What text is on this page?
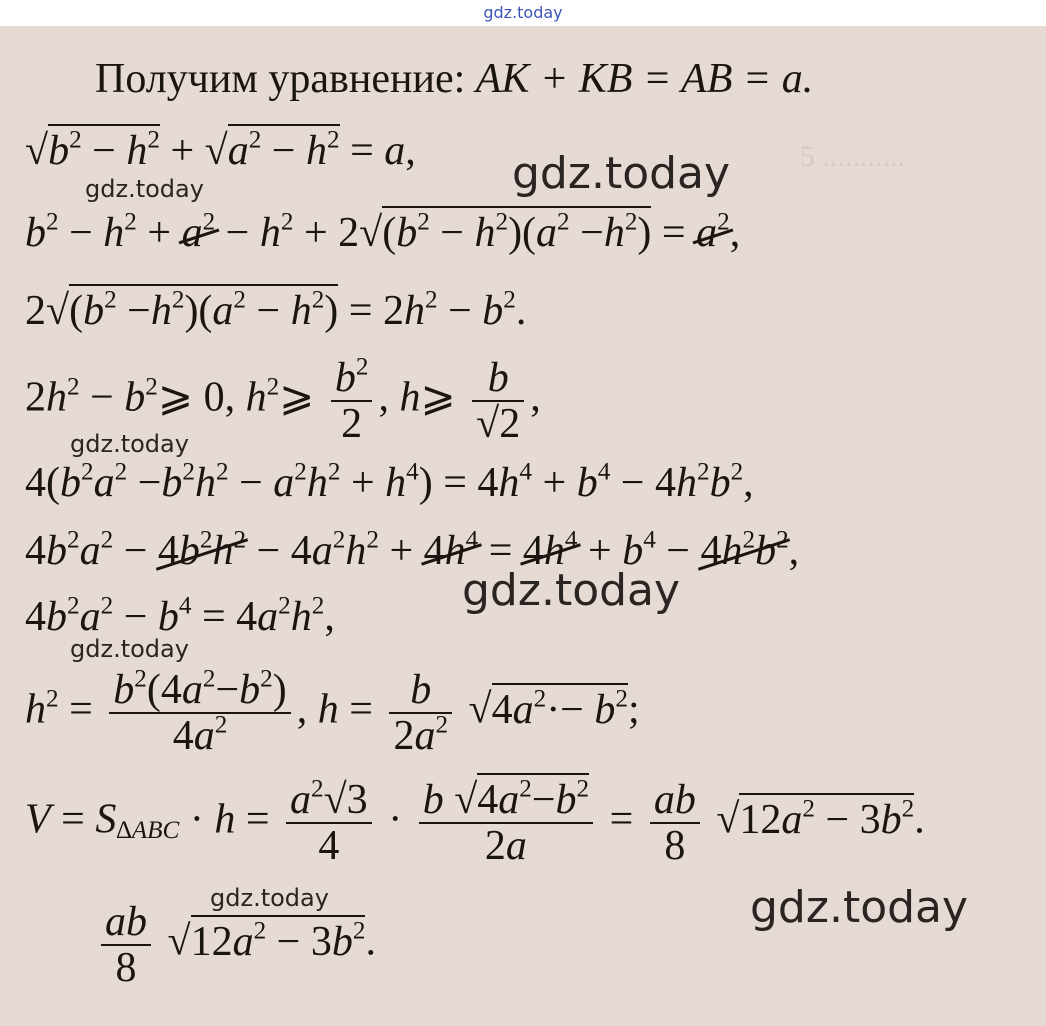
gdz.today
5 ...........
Получим уравнение: AK + KB = AB = a.
$√b^2 - h^2 + √a^2 - h^2 = a$,
$b^2 - h^2 + a^2 - h^2 + 2√(b^2 - h^2)(a^2 -h^2) = a^2$,
$2√(b^2 -h^2)(a^2 - h^2) = 2h^2 - b^2$.
$2h^2$ − $b^2⩾$ 0, $h^2⩾ \frac{b^2}{2}$ , h⩾ $\frac{b}{√2}$ ,
$4(b^2a^2 -b^2h^2 - a^2h^2 + h^4) = 4h^4 + b^4 - 4h^2b^2$,
$4b^2a^2 - 4b^2h^2 - 4a^2h^2 + 4h^4 = 4h^4 + b^4 - 4h^2b^2$,
$4b^2a^2 - b^4 = 4a^2h^2$,
$h^2 = \frac{b^2(4a^2-b^2)}{4a^2}$ , $h = \frac{b}{2a^2} √4a^2\cdot- b^2$;
$V = S_{\Delta ABC} \cdot h = \frac{a^2√3}{4} \cdot \frac{b √4a^2-b^2}{2a} = \frac{ab}{8} √12a^2 - 3b^2$.
$\frac{ab}{8} √12a^2 - 3b^2$.
gdz.today
gdz.today
gdz.today
gdz.today
gdz.today
gdz.today	gdz.today
